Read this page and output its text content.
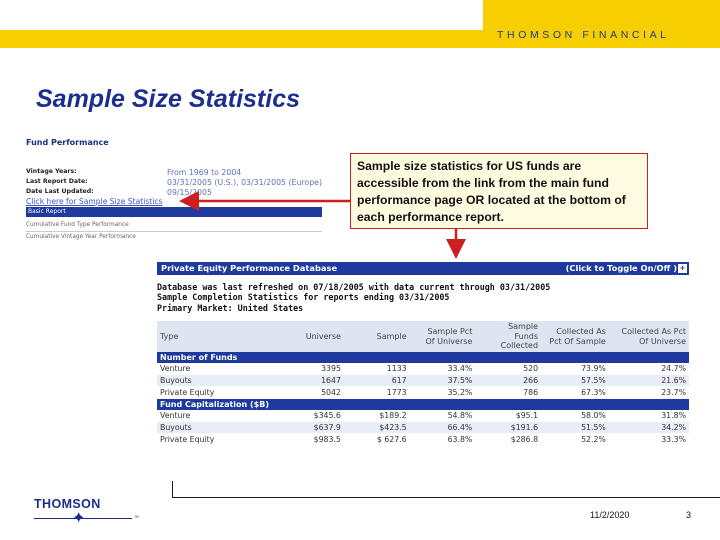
THOMSON FINANCIAL
Sample Size Statistics
Fund Performance
Vintage Years:	From 1969 to 2004
Last Report Date:	03/31/2005 (U.S.), 03/31/2005 (Europe)
Date Last Updated:	09/15/2005
Click here for Sample Size Statistics
Basic Report
Cumulative Fund Type Performance
Cumulative Vintage Year Performance
Sample size statistics for US funds are accessible from the link from the main fund performance page OR located at the bottom of each performance report.
Private Equity Performance Database	(Click to Toggle On/Off ) +
Database was last refreshed on 07/18/2005 with data current through 03/31/2005
Sample Completion Statistics for reports ending 03/31/2005
Primary Market: United States
Type	Universe	Sample	Sample Pct Of Universe	Sample Funds Collected	Collected As Pct Of Sample	Collected As Pct Of Universe

Number of Funds						
Venture	3395	1133	33.4%	520	73.9%	24.7%
Buyouts	1647	617	37.5%	266	57.5%	21.6%
Private Equity	5042	1773	35.2%	786	67.3%	23.7%
Fund Capitalization ($B)						
Venture	$345.6	$189.2	54.8%	$95.1	58.0%	31.8%
Buyouts	$637.9	$423.5	66.4%	$191.6	51.5%	34.2%
Private Equity	$983.5	$ 627.6	63.8%	$286.8	52.2%	33.3%
THOMSON
✦	™	11/2/2020	3
